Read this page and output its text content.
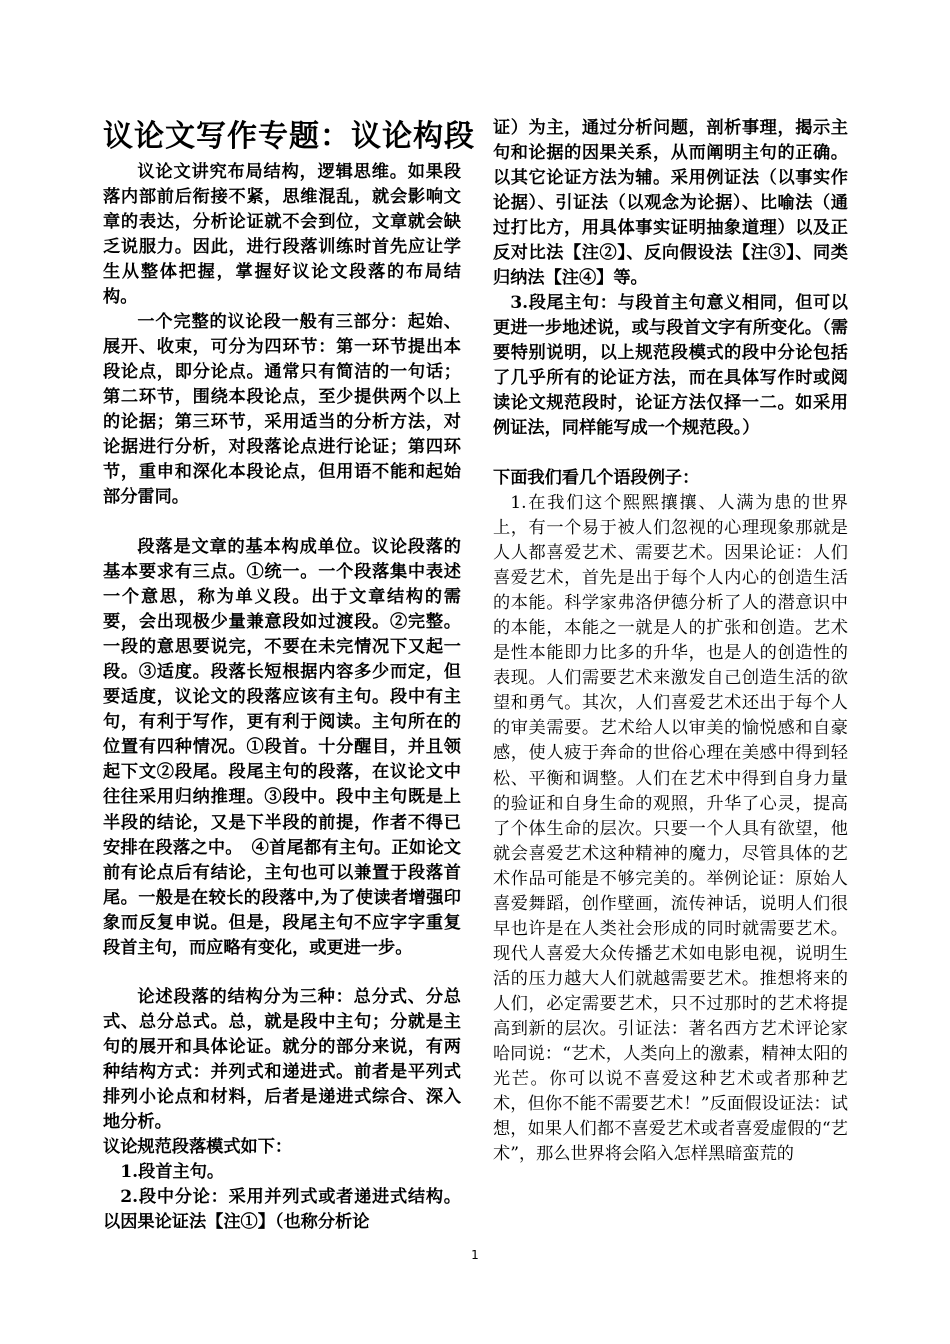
议论文写作专题：议论构段

议论文讲究布局结构，逻辑思维。如果段落内部前后衔接不紧，思维混乱，就会影响文章的表达，分析论证就不会到位，文章就会缺乏说服力。因此，进行段落训练时首先应让学生从整体把握，掌握好议论文段落的布局结构。

一个完整的议论段一般有三部分：起始、展开、收束，可分为四环节：第一环节提出本段论点，即分论点。通常只有简洁的一句话；第二环节，围绕本段论点，至少提供两个以上的论据；第三环节，采用适当的分析方法，对论据进行分析，对段落论点进行论证；第四环节，重申和深化本段论点，但用语不能和起始部分雷同。

段落是文章的基本构成单位。议论段落的基本要求有三点。①统一。一个段落集中表述一个意思，称为单义段。出于文章结构的需要，会出现极少量兼意段如过渡段。②完整。一段的意思要说完，不要在未完情况下又起一段。③适度。段落长短根据内容多少而定，但要适度，议论文的段落应该有主句。段中有主句，有利于写作，更有利于阅读。主句所在的位置有四种情况。①段首。十分醒目，并且领起下文②段尾。段尾主句的段落，在议论文中往往采用归纳推理。③段中。段中主句既是上半段的结论，又是下半段的前提，作者不得已安排在段落之中。　④首尾都有主句。正如论文前有论点后有结论，主句也可以兼置于段落首尾。一般是在较长的段落中,为了使读者增强印象而反复申说。但是，段尾主句不应字字重复段首主句，而应略有变化，或更进一步。

论述段落的结构分为三种：总分式、分总式、总分总式。总，就是段中主句；分就是主句的展开和具体论证。就分的部分来说，有两种结构方式：并列式和递进式。前者是平列式排列小论点和材料，后者是递进式综合、深入地分析。

议论规范段落模式如下：

1.段首主句。

2.段中分论：采用并列式或者递进式结构。以因果论证法【注①】（也称分析论

证）为主，通过分析问题，剖析事理，揭示主句和论据的因果关系，从而阐明主句的正确。以其它论证方法为辅。采用例证法（以事实作论据）、引证法（以观念为论据）、比喻法（通过打比方，用具体事实证明抽象道理）以及正反对比法【注②】、反向假设法【注③】、同类归纳法【注④】等。

3.段尾主句：与段首主句意义相同，但可以更进一步地述说，或与段首文字有所变化。（需要特别说明，以上规范段模式的段中分论包括了几乎所有的论证方法，而在具体写作时或阅读论文规范段时，论证方法仅择一二。如采用例证法，同样能写成一个规范段。）

下面我们看几个语段例子：

1.在我们这个熙熙攘攘、人满为患的世界上，有一个易于被人们忽视的心理现象那就是人人都喜爱艺术、需要艺术。因果论证：人们喜爱艺术，首先是出于每个人内心的创造生活的本能。科学家弗洛伊德分析了人的潜意识中的本能，本能之一就是人的扩张和创造。艺术是性本能即力比多的升华，也是人的创造性的表现。人们需要艺术来激发自己创造生活的欲望和勇气。其次，人们喜爱艺术还出于每个人的审美需要。艺术给人以审美的愉悦感和自豪感，使人疲于奔命的世俗心理在美感中得到轻松、平衡和调整。人们在艺术中得到自身力量的验证和自身生命的观照，升华了心灵，提高了个体生命的层次。只要一个人具有欲望，他就会喜爱艺术这种精神的魔力，尽管具体的艺术作品可能是不够完美的。举例论证：原始人喜爱舞蹈，创作壁画，流传神话，说明人们很早也许是在人类社会形成的同时就需要艺术。现代人喜爱大众传播艺术如电影电视，说明生活的压力越大人们就越需要艺术。推想将来的人们，必定需要艺术，只不过那时的艺术将提高到新的层次。引证法：著名西方艺术评论家哈同说：“艺术，人类向上的激素，精神太阳的光芒。你可以说不喜爱这种艺术或者那种艺术，但你不能不需要艺术！”反面假设证法：试想，如果人们都不喜爱艺术或者喜爱虚假的“艺术”，那么世界将会陷入怎样黑暗蛮荒的

1
